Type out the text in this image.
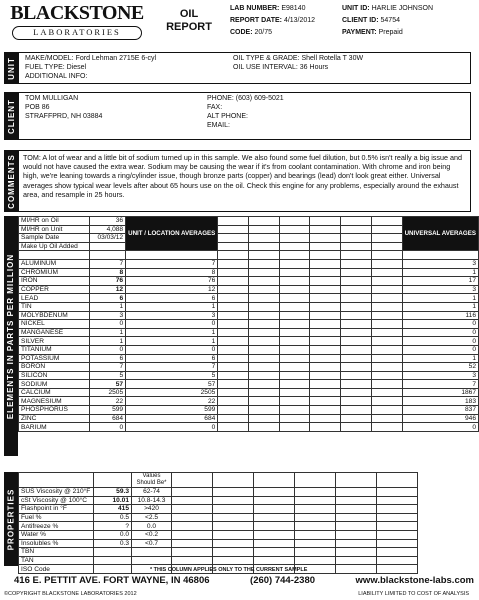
BLACKSTONE
LABORATORIES
OIL
REPORT
LAB NUMBER: E98140
REPORT DATE: 4/13/2012
CODE: 20/75
UNIT ID: HARLIE JOHNSON
CLIENT ID: 54754
PAYMENT: Prepaid
UNIT MAKE/MODEL: Ford Lehman 2715E 6-cyl
FUEL TYPE: Diesel
ADDITIONAL INFO:
OIL TYPE & GRADE: Shell Rotella T 30W
OIL USE INTERVAL: 36 Hours
CLIENT
TOM MULLIGAN
POB 86
STRAFFPRD, NH 03884
PHONE: (603) 609-5021
FAX:
ALT PHONE:
EMAIL:
COMMENTS TOM: A lot of wear and a little bit of sodium turned up in this sample. We also found some fuel dilution, but 0.5% isn't really a big issue and would not have caused the extra wear. Sodium may be causing the wear if it's from coolant contamination. With chrome and iron being high, we're leaning towards a ring/cylinder issue, though bronze parts (copper) and bearings (lead) don't look great either. Universal averages show typical wear levels after about 65 hours use on the oil. Check this engine for any problems, especially around the exhaust area, and resample in 25 hours.
ELEMENTS IN PARTS PER MILLION
MI/HR on Oil	36	UNIT / LOCATION AVERAGES							UNIVERSAL AVERAGES
MI/HR on Unit	4,088								
Sample Date	03/03/12								
Make Up Oil Added									

ALUMINUM	7	7							3
CHROMIUM	8	8							1
IRON	76	76							17
COPPER	12	12							3
LEAD	6	6							1
TIN	1	1							1
MOLYBDENUM	3	3							116
NICKEL	0	0							0
MANGANESE	1	1							0
SILVER	1	1							0
TITANIUM	0	0							0
POTASSIUM	6	6							1
BORON	7	7							52
SILICON	5	5							3
SODIUM	57	57							7
CALCIUM	2505	2505							1867
MAGNESIUM	22	22							183
PHOSPHORUS	599	599							837
ZINC	684	684							946
BARIUM	0	0							0
PROPERTIES
		Values Should Be*						
SUS Viscosity @ 210°F	59.3	62-74						
cSt Viscosity @ 100°C	10.01	10.8-14.3						
Flashpoint in °F	415	>420						
Fuel %	0.5	<2.5						
Antifreeze %	?	0.0						
Water %	0.0	<0.2						
Insolubles %	0.3	<0.7						
TBN								
TAN								
ISO Code									* THIS COLUMN APPLIES ONLY TO THE CURRENT SAMPLE
416 E. PETTIT AVE. FORT WAYNE, IN 46806	(260) 744-2380	www.blackstone-labs.com
©COPYRIGHT BLACKSTONE LABORATORIES 2012	LIABILITY LIMITED TO COST OF ANALYSIS
